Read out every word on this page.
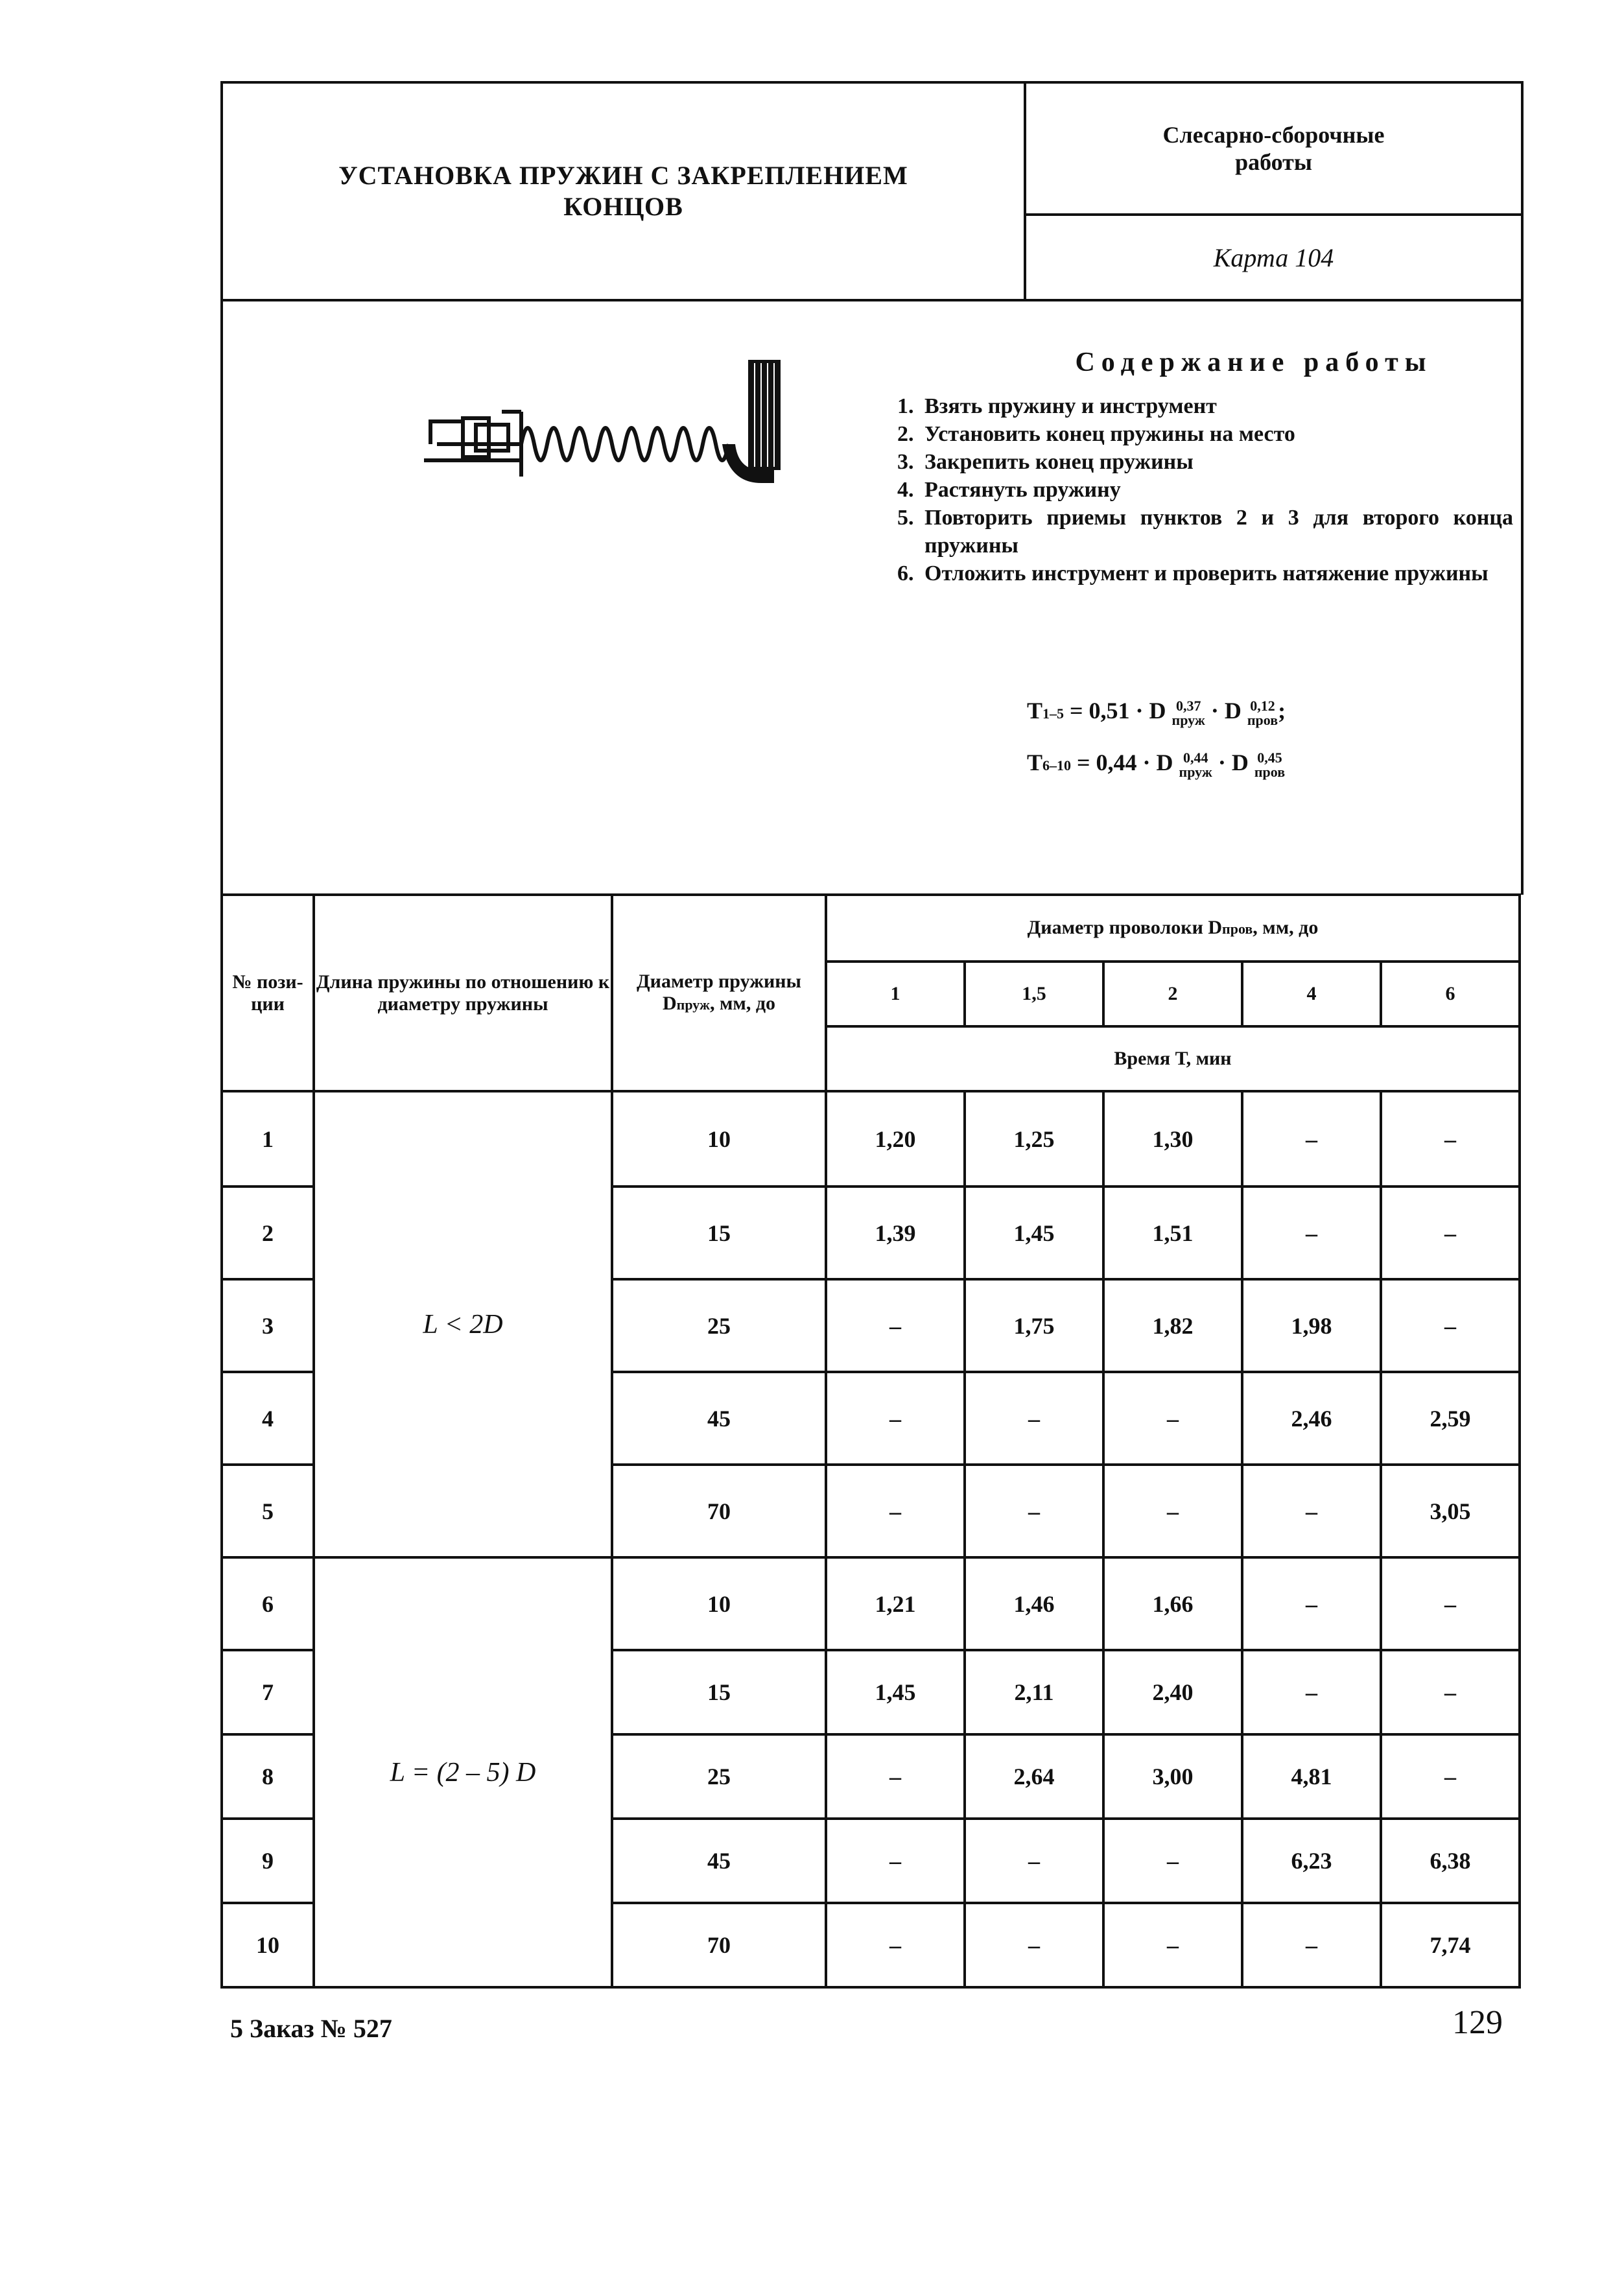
УСТАНОВКА ПРУЖИН С ЗАКРЕПЛЕНИЕМ КОНЦОВ
Слесарно-сборочные работы
Карта 104
Содержание работы
1. Взять пружину и инструмент
2. Установить конец пружины на место
3. Закрепить конец пружины
4. Растянуть пружину
5. Повторить приемы пунктов 2 и 3 для второго конца пружины
6. Отложить инструмент и проверить натяжение пружины
T1–5 = 0,51 · D 0,37
пруж · D 0,12
пров ;
T6–10 = 0,44 · D 0,44
пруж · D 0,45
пров
№ пози- ции	Длина пружины по отношению к диаметру пружины	Диаметр пружины
Dпруж, мм, до	Диаметр проволоки Dпров, мм, до				
			1	1,5	2	4	6
			Время Т, мин				
1	L < 2D	10	1,20	1,25	1,30	–	–
2		15	1,39	1,45	1,51	–	–
3		25	–	1,75	1,82	1,98	–
4		45	–	–	–	2,46	2,59
5		70	–	–	–	–	3,05
6	L = (2 – 5) D	10	1,21	1,46	1,66	–	–
7		15	1,45	2,11	2,40	–	–
8		25	–	2,64	3,00	4,81	–
9		45	–	–	–	6,23	6,38
10		70	–	–	–	–	7,74
5 Заказ № 527	129
